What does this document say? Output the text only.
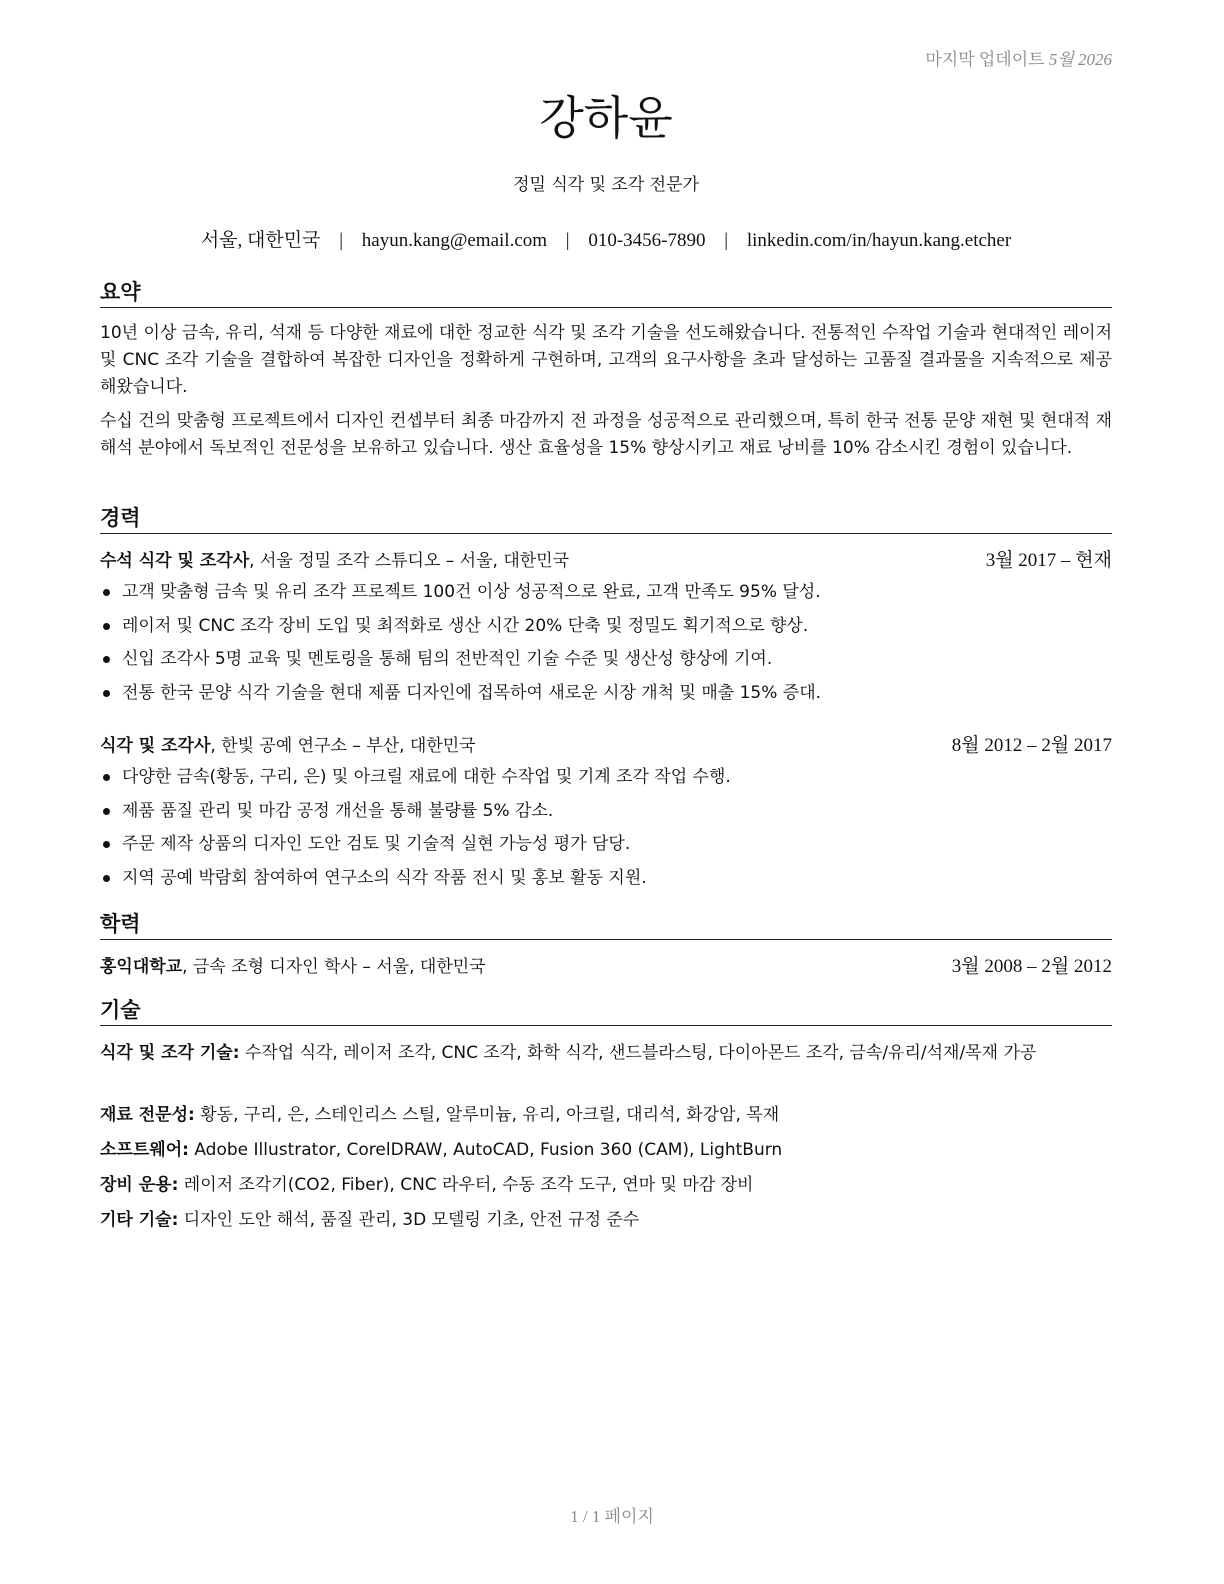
마지막 업데이트 5월 2026
강하윤
정밀 식각 및 조각 전문가
서울, 대한민국 | hayun.kang@email.com | 010-3456-7890 | linkedin.com/in/hayun.kang.etcher
요약
10년 이상 금속, 유리, 석재 등 다양한 재료에 대한 정교한 식각 및 조각 기술을 선도해왔습니다. 전통적인 수작업 기술과 현대적인 레이저 및 CNC 조각 기술을 결합하여 복잡한 디자인을 정확하게 구현하며, 고객의 요구사항을 초과 달성하는 고품질 결과물을 지속적으로 제공해왔습니다.
수십 건의 맞춤형 프로젝트에서 디자인 컨셉부터 최종 마감까지 전 과정을 성공적으로 관리했으며, 특히 한국 전통 문양 재현 및 현대적 재해석 분야에서 독보적인 전문성을 보유하고 있습니다. 생산 효율성을 15% 향상시키고 재료 낭비를 10% 감소시킨 경험이 있습니다.
경력
수석 식각 및 조각사, 서울 정밀 조각 스튜디오 – 서울, 대한민국	3월 2017 – 현재
고객 맞춤형 금속 및 유리 조각 프로젝트 100건 이상 성공적으로 완료, 고객 만족도 95% 달성.
레이저 및 CNC 조각 장비 도입 및 최적화로 생산 시간 20% 단축 및 정밀도 획기적으로 향상.
신입 조각사 5명 교육 및 멘토링을 통해 팀의 전반적인 기술 수준 및 생산성 향상에 기여.
전통 한국 문양 식각 기술을 현대 제품 디자인에 접목하여 새로운 시장 개척 및 매출 15% 증대.
식각 및 조각사, 한빛 공예 연구소 – 부산, 대한민국	8월 2012 – 2월 2017
다양한 금속(황동, 구리, 은) 및 아크릴 재료에 대한 수작업 및 기계 조각 작업 수행.
제품 품질 관리 및 마감 공정 개선을 통해 불량률 5% 감소.
주문 제작 상품의 디자인 도안 검토 및 기술적 실현 가능성 평가 담당.
지역 공예 박람회 참여하여 연구소의 식각 작품 전시 및 홍보 활동 지원.
학력
홍익대학교, 금속 조형 디자인 학사 – 서울, 대한민국	3월 2008 – 2월 2012
기술
식각 및 조각 기술: 수작업 식각, 레이저 조각, CNC 조각, 화학 식각, 샌드블라스팅, 다이아몬드 조각, 금속/유리/석재/목재 가공
재료 전문성: 황동, 구리, 은, 스테인리스 스틸, 알루미늄, 유리, 아크릴, 대리석, 화강암, 목재
소프트웨어: Adobe Illustrator, CorelDRAW, AutoCAD, Fusion 360 (CAM), LightBurn
장비 운용: 레이저 조각기(CO2, Fiber), CNC 라우터, 수동 조각 도구, 연마 및 마감 장비
기타 기술: 디자인 도안 해석, 품질 관리, 3D 모델링 기초, 안전 규정 준수
1 / 1 페이지
